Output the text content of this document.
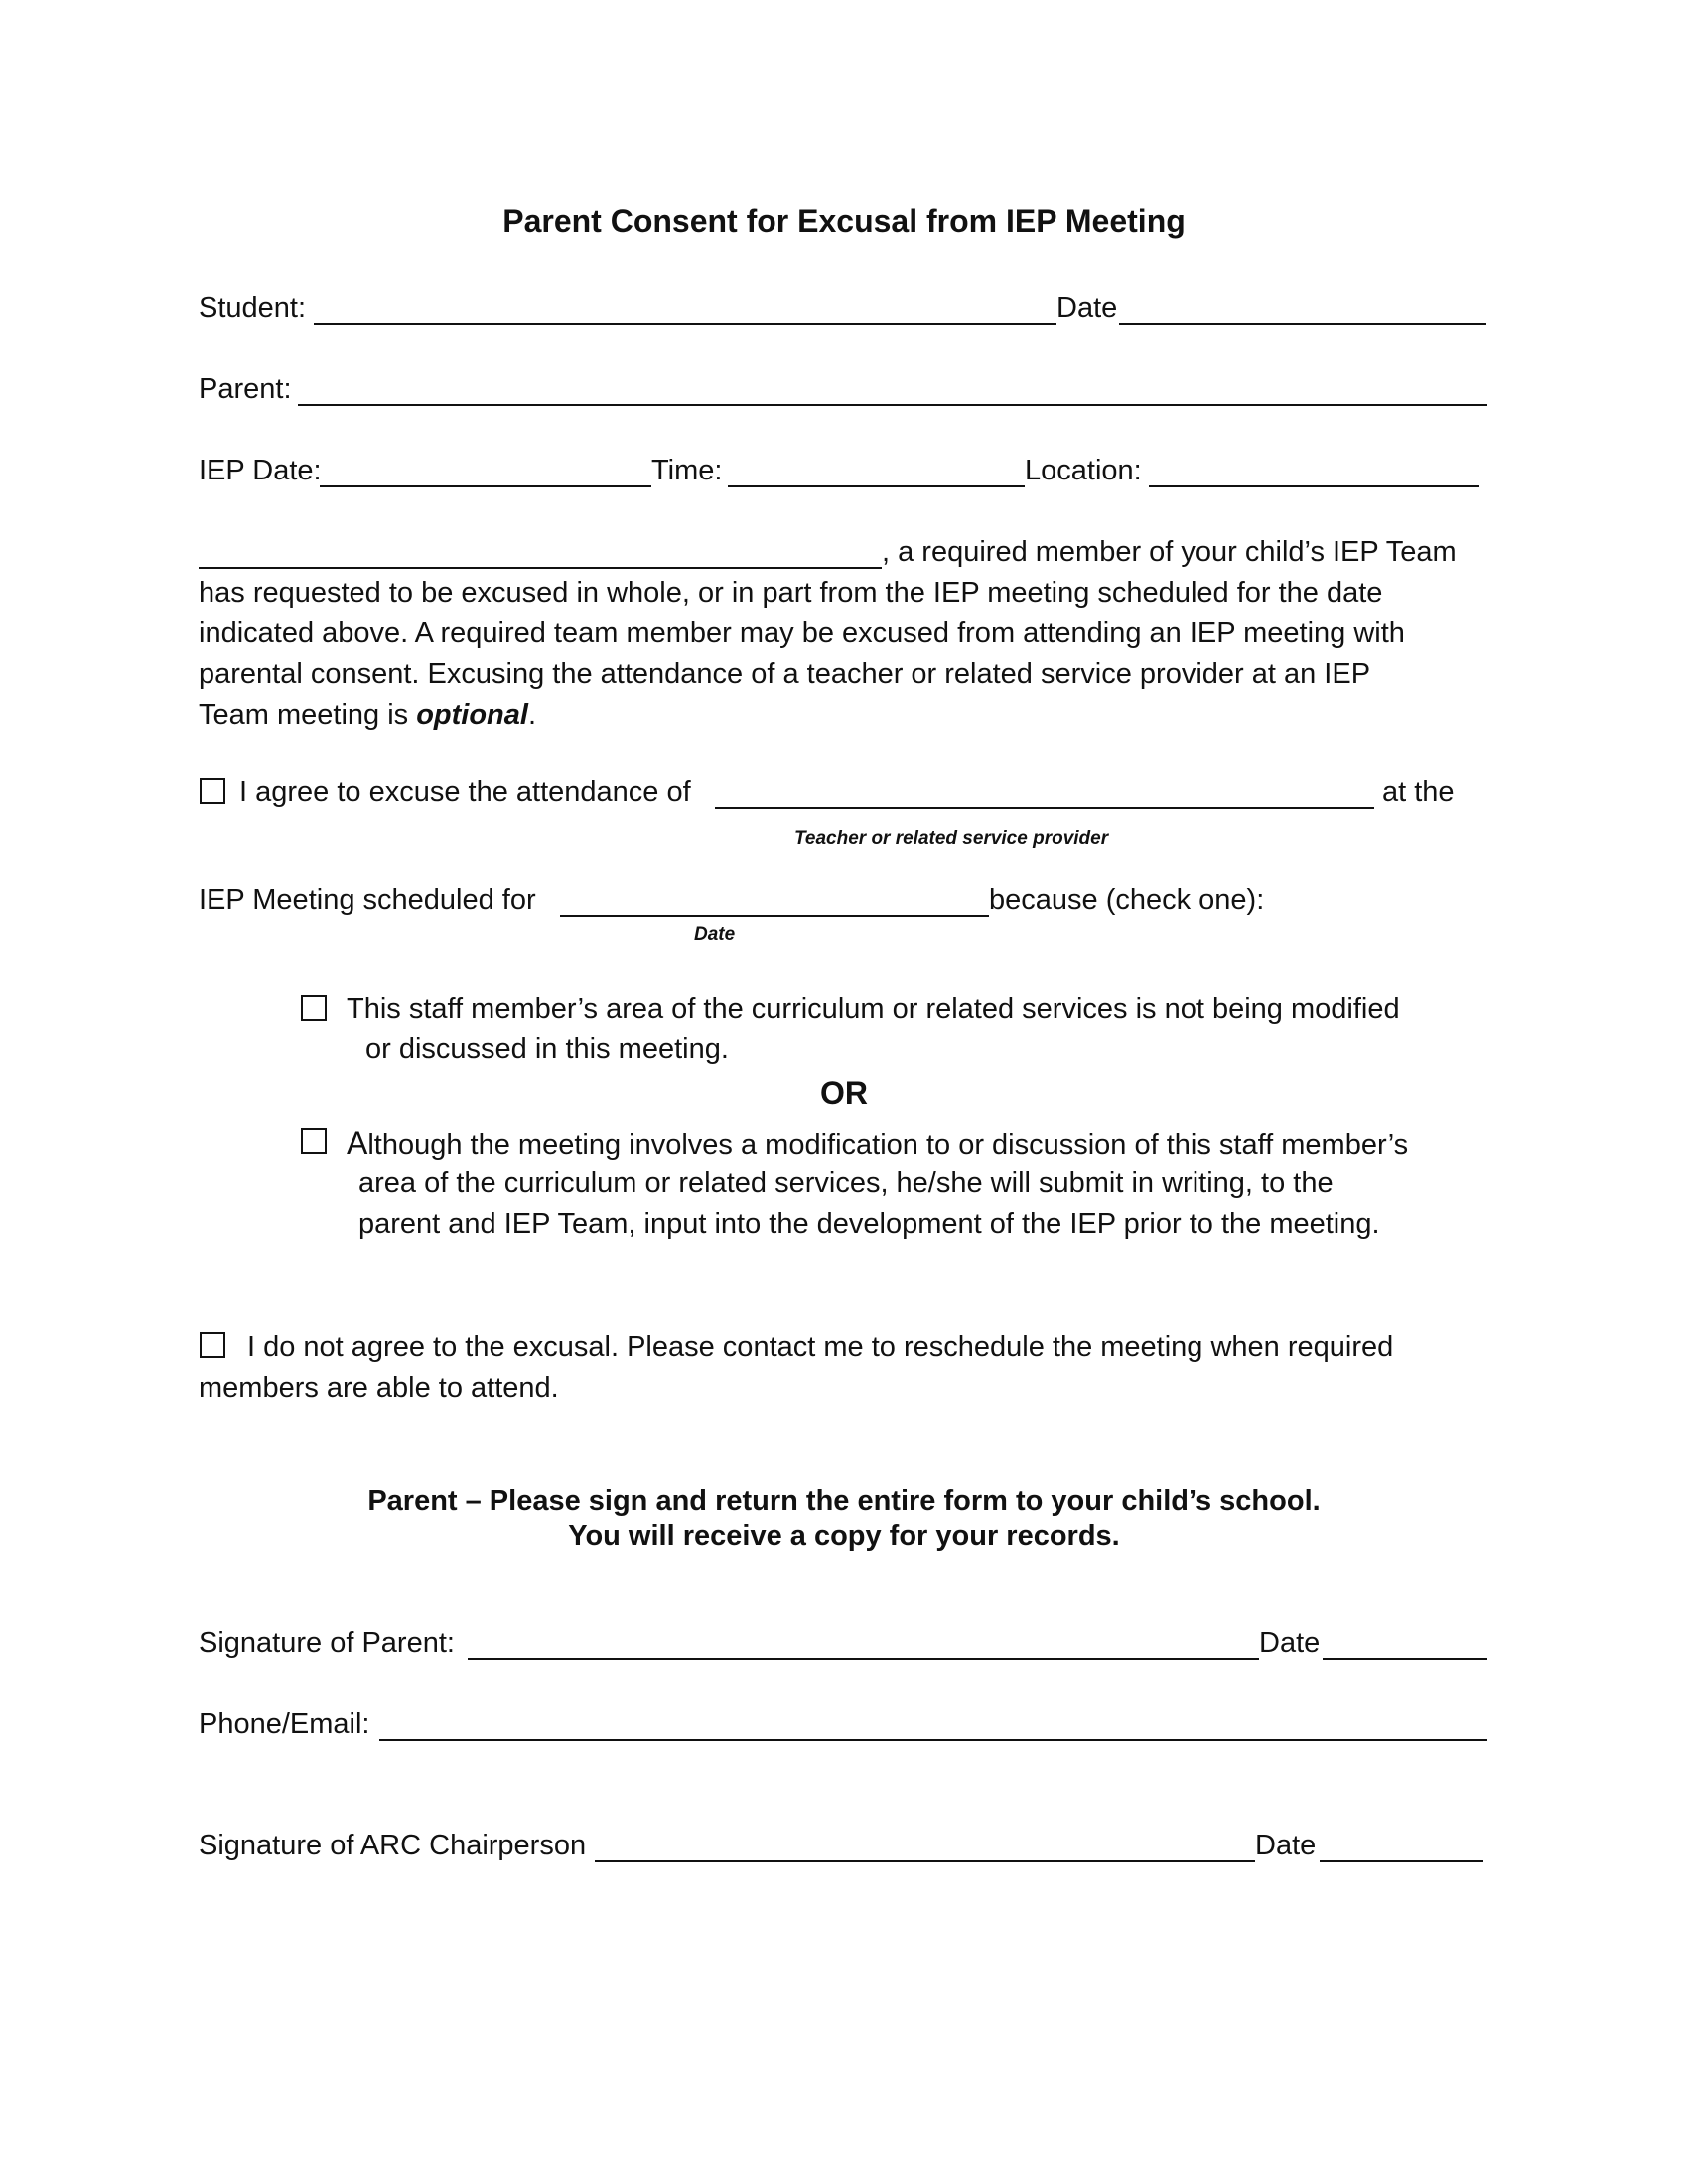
Parent Consent for Excusal from IEP Meeting
Student:	Date
Parent:
IEP Date:	Time:	Location:
, a required member of your child’s IEP Team
has requested to be excused in whole, or in part from the IEP meeting scheduled for the date
indicated above. A required team member may be excused from attending an IEP meeting with
parental consent. Excusing the attendance of a teacher or related service provider at an IEP
Team meeting is optional.
I agree to excuse the attendance of	at the
Teacher or related service provider
IEP Meeting scheduled for	because (check one):
Date
This staff member’s area of the curriculum or related services is not being modified
or discussed in this meeting.
OR
Although the meeting involves a modification to or discussion of this staff member’s
area of the curriculum or related services, he/she will submit in writing, to the
parent and IEP Team, input into the development of the IEP prior to the meeting.
I do not agree to the excusal. Please contact me to reschedule the meeting when required
members are able to attend.
Parent – Please sign and return the entire form to your child’s school.
You will receive a copy for your records.
Signature of Parent:	Date
Phone/Email:
Signature of ARC Chairperson	Date
